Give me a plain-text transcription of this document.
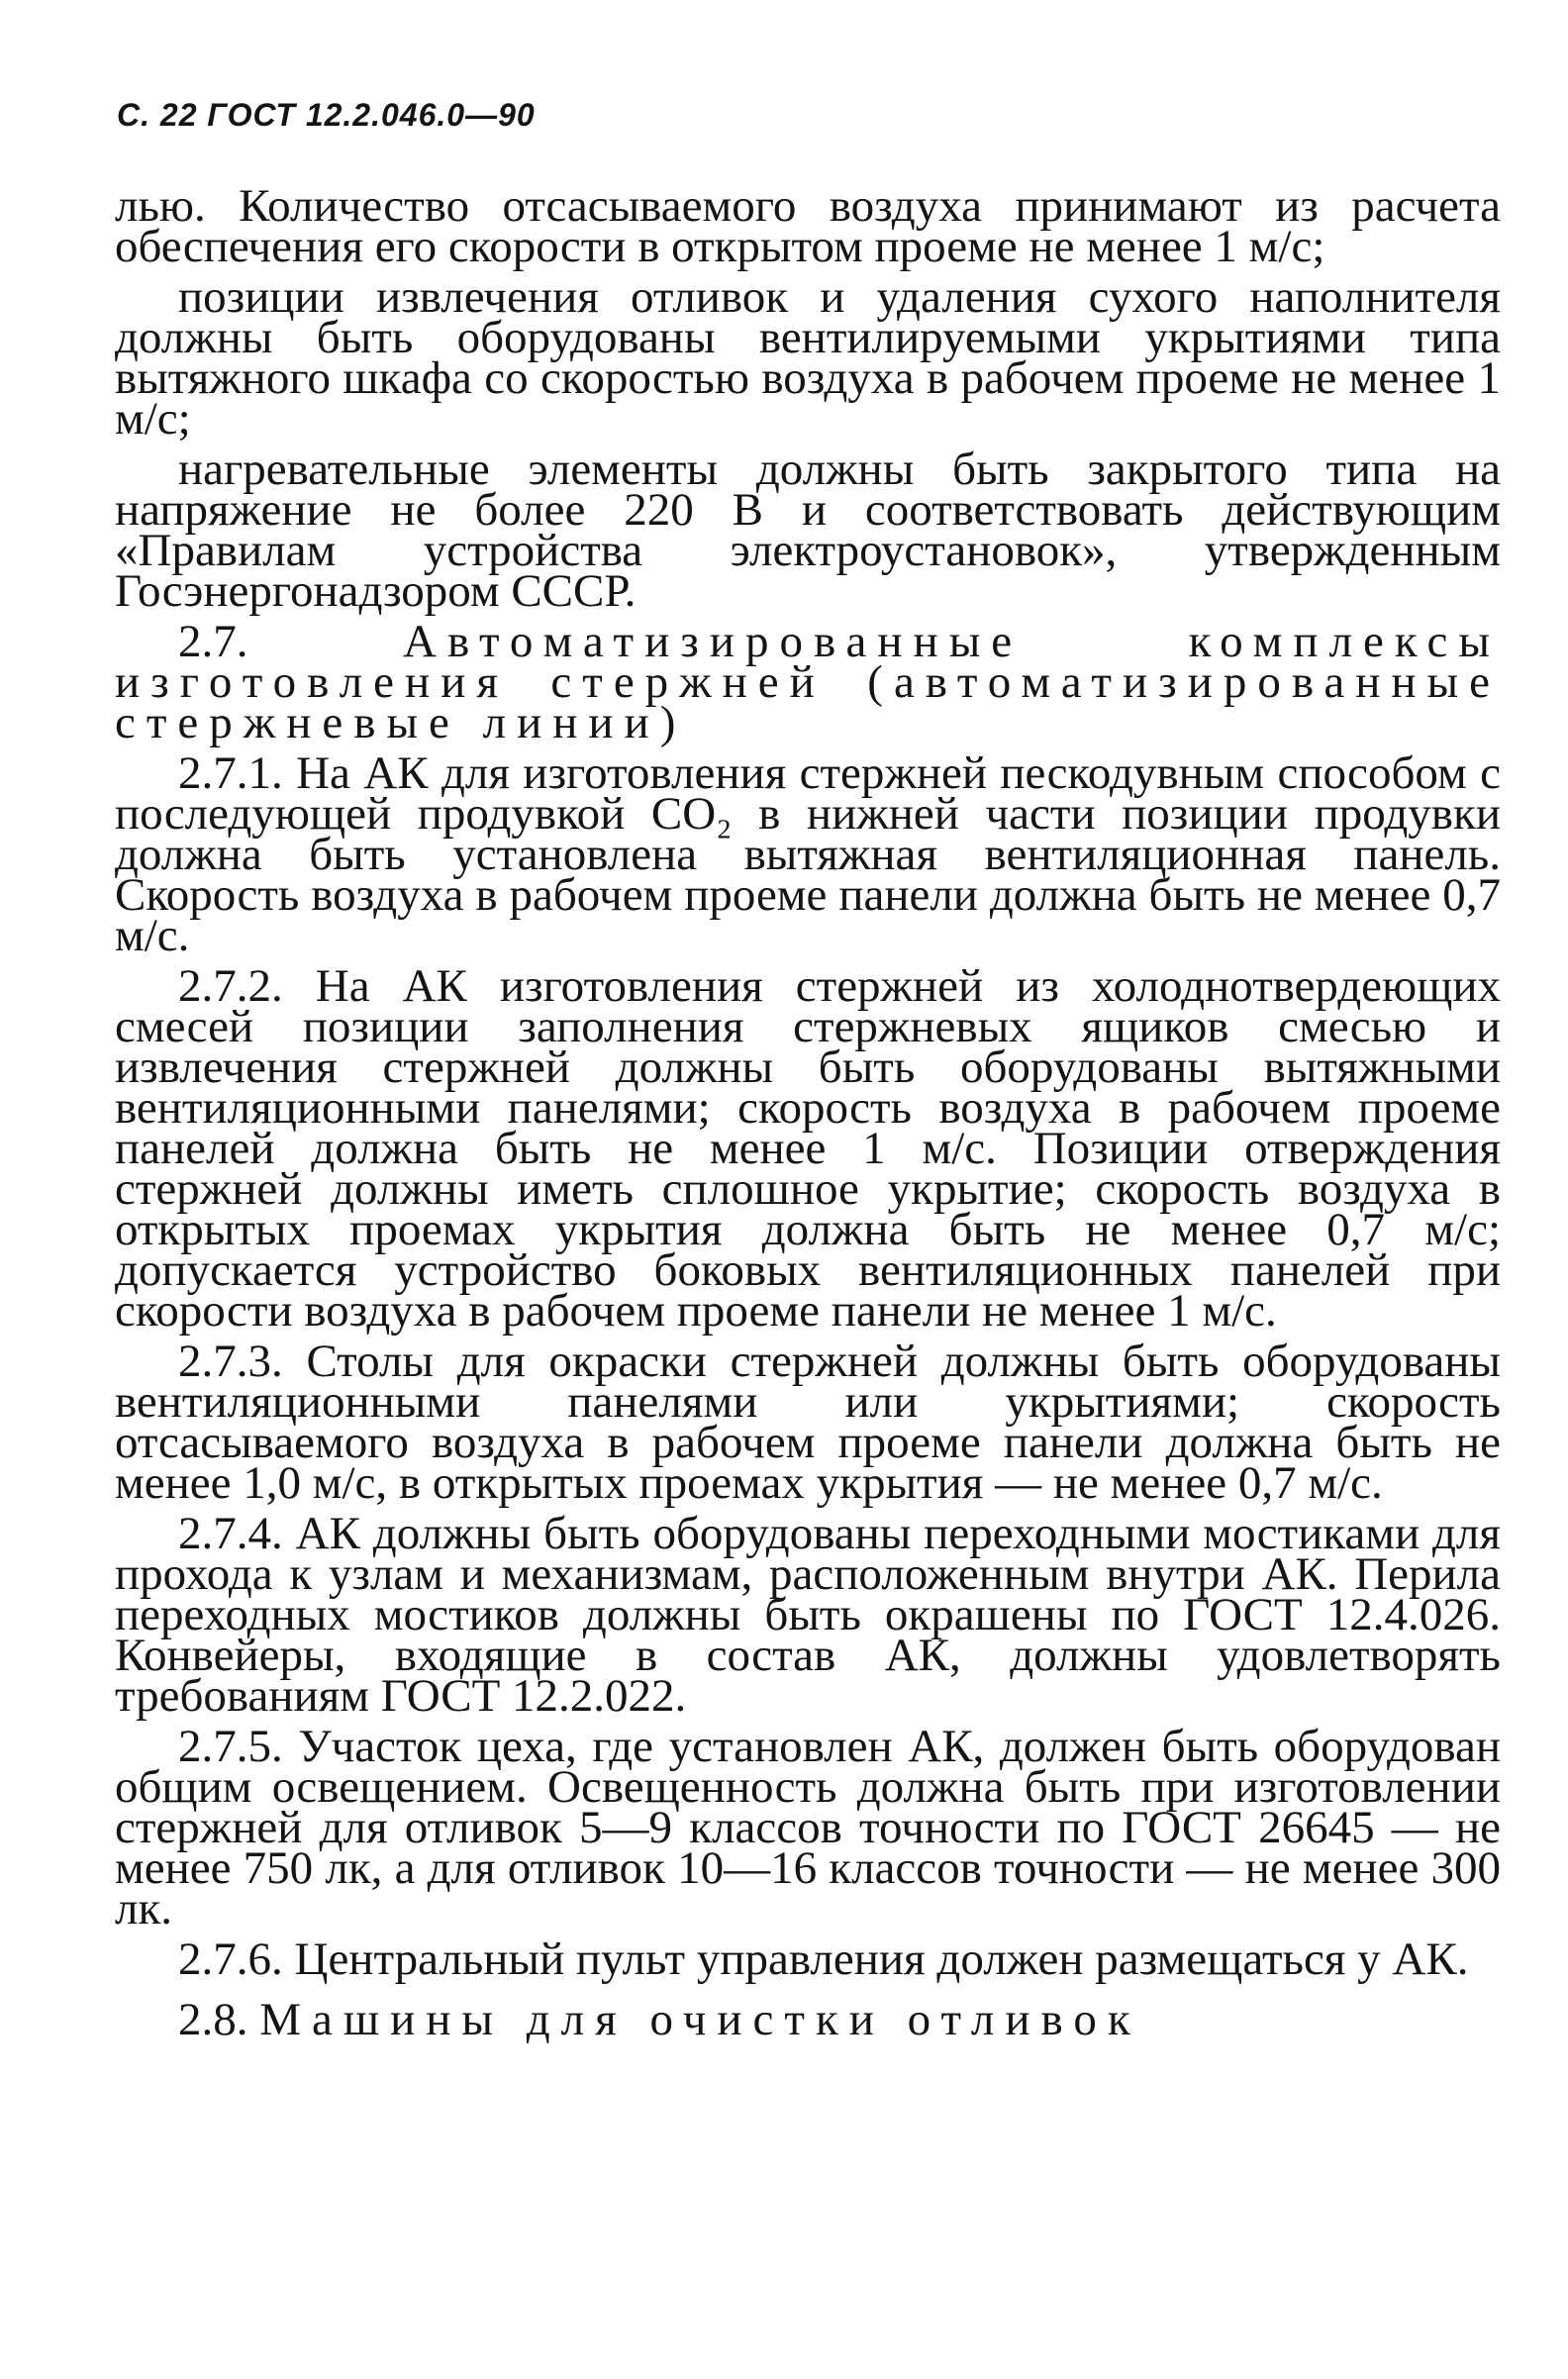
С. 22 ГОСТ 12.2.046.0—90

лью. Количество отсасываемого воздуха принимают из расчета обеспечения его скорости в открытом проеме не менее 1 м/с;

позиции извлечения отливок и удаления сухого наполнителя должны быть оборудованы вентилируемыми укрытиями типа вытяжного шкафа со скоростью воздуха в рабочем проеме не менее 1 м/с;

нагревательные элементы должны быть закрытого типа на напряжение не более 220 В и соответствовать действующим «Правилам устройства электроустановок», утвержденным Госэнергонадзором СССР.

2.7.	Автоматизированные комплексы изготовления стержней (автоматизированные стержневые линии)

2.7.1. На АК для изготовления стержней пескодувным способом с последующей продувкой CO₂ в нижней части позиции продувки должна быть установлена вытяжная вентиляционная панель. Скорость воздуха в рабочем проеме панели должна быть не менее 0,7 м/с.

2.7.2. На АК изготовления стержней из холоднотвердеющих смесей позиции заполнения стержневых ящиков смесью и извлечения стержней должны быть оборудованы вытяжными вентиляционными панелями; скорость воздуха в рабочем проеме панелей должна быть не менее 1 м/с. Позиции отверждения стержней должны иметь сплошное укрытие; скорость воздуха в открытых проемах укрытия должна быть не менее 0,7 м/с; допускается устройство боковых вентиляционных панелей при скорости воздуха в рабочем проеме панели не менее 1 м/с.

2.7.3. Столы для окраски стержней должны быть оборудованы вентиляционными панелями или укрытиями; скорость отсасываемого воздуха в рабочем проеме панели должна быть не менее 1,0 м/с, в открытых проемах укрытия — не менее 0,7 м/с.

2.7.4. АК должны быть оборудованы переходными мостиками для прохода к узлам и механизмам, расположенным внутри АК. Перила переходных мостиков должны быть окрашены по ГОСТ 12.4.026. Конвейеры, входящие в состав АК, должны удовлетворять требованиям ГОСТ 12.2.022.

2.7.5. Участок цеха, где установлен АК, должен быть оборудован общим освещением. Освещенность должна быть при изготовлении стержней для отливок 5—9 классов точности по ГОСТ 26645 — не менее 750 лк, а для отливок 10—16 классов точности — не менее 300 лк.

2.7.6. Центральный пульт управления должен размещаться у АК.

2.8. Машины для очистки отливок
